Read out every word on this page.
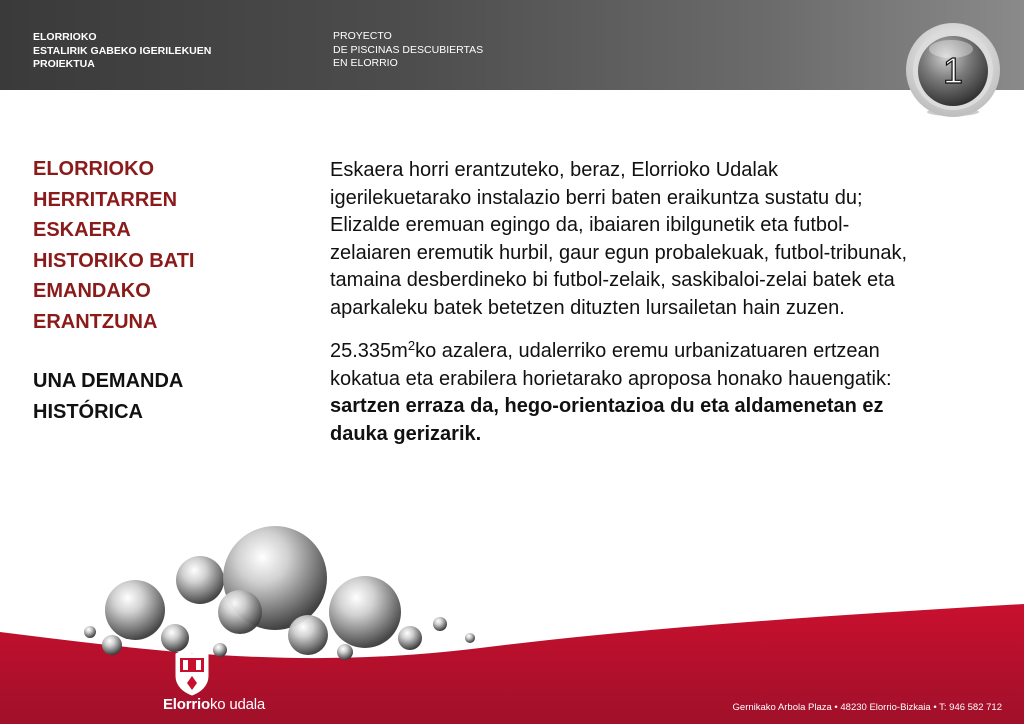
ELORRIOKO
ESTALIRIK GABEKO IGERILEKUEN
PROIEKTUA
PROYECTO
DE PISCINAS DESCUBIERTAS
EN ELORRIO	1
ELORRIOKO
HERRITARREN
ESKAERA
HISTORIKO BATI
EMANDAKO
ERANTZUNA
UNA DEMANDA
HISTÓRICA

Eskaera horri erantzuteko, beraz, Elorrioko Udalak
igerilekuetarako instalazio berri baten eraikuntza sustatu du;
Elizalde eremuan egingo da, ibaiaren ibilgunetik eta futbol-
zelaiaren eremutik hurbil, gaur egun probalekuak, futbol-tribunak,
tamaina desberdineko bi futbol-zelaik, saskibaloi-zelai batek eta
aparkaleku batek betetzen dituzten lursailetan hain zuzen.

$25.335m^2ko$ azalera, udalerriko eremu urbanizatuaren ertzean
kokatua eta erabilera horietarako aproposa honako hauengatik:
sartzen erraza da, hego-orientazioa du eta aldamenetan ez
dauka gerizarik.

Elorrioko udala	Gernikako Arbola Plaza • 48230 Elorrio-Bizkaia • T: 946 582 712
